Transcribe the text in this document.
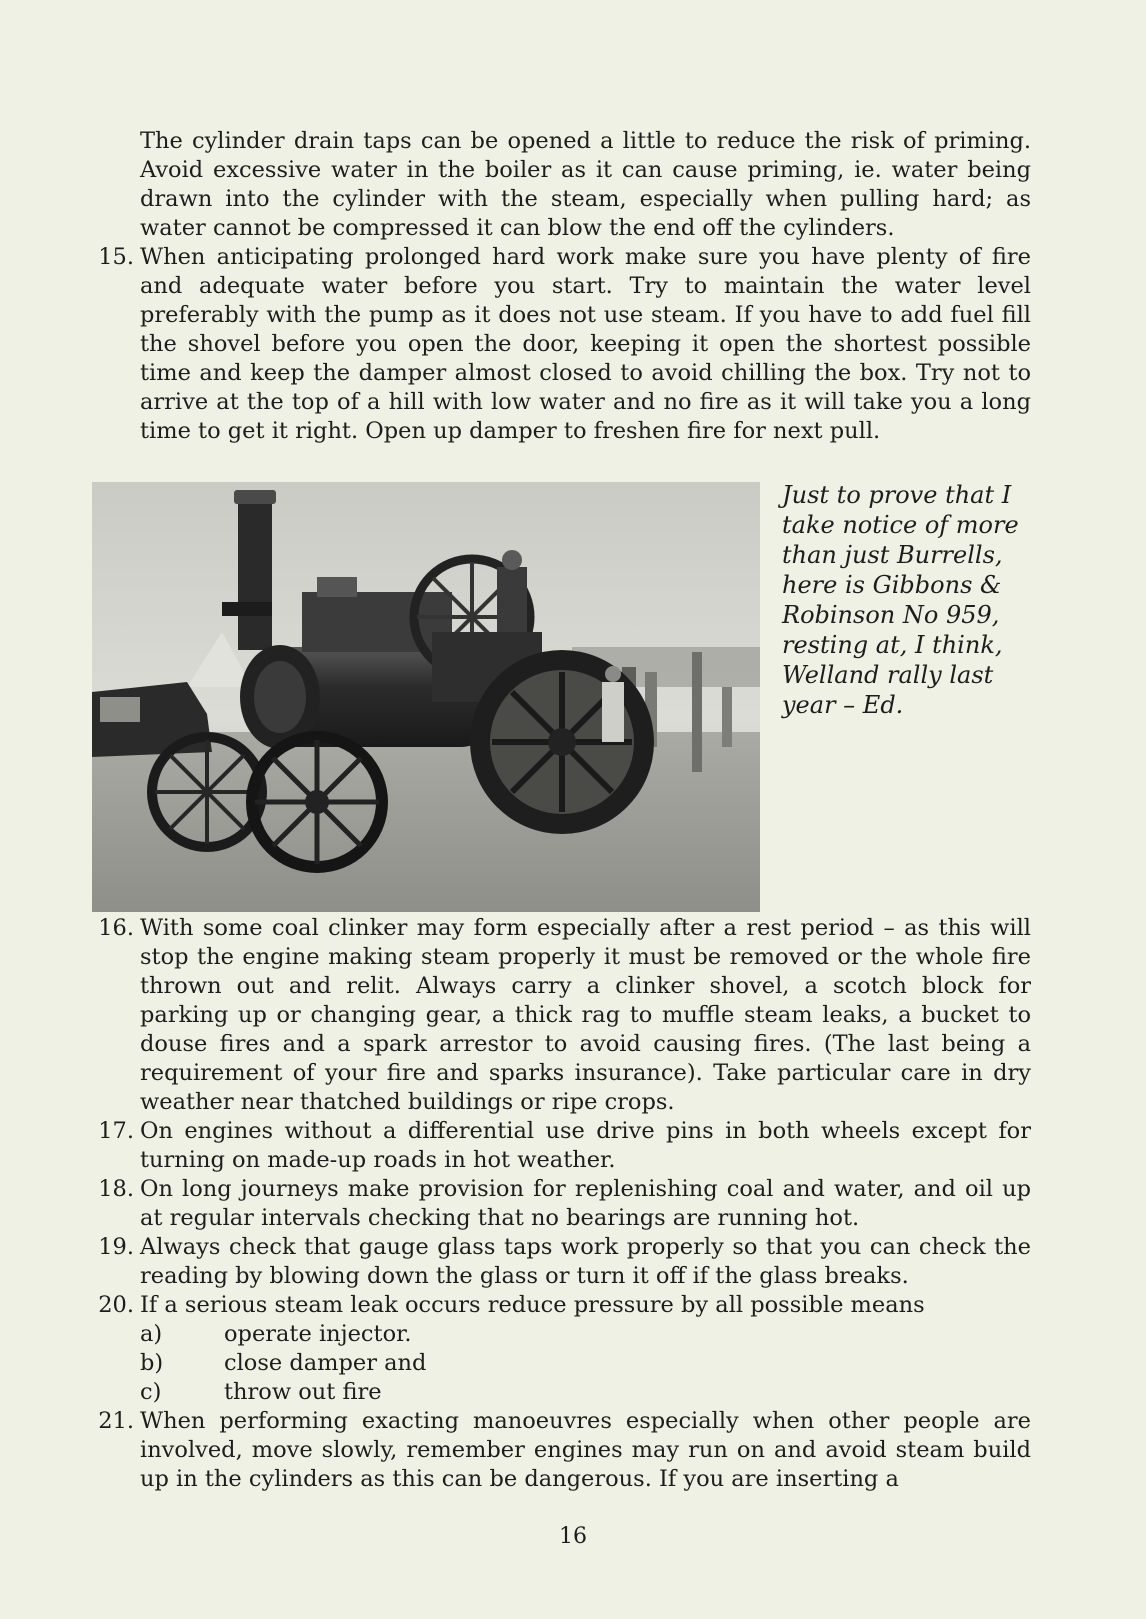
The cylinder drain taps can be opened a little to reduce the risk of priming. Avoid excessive water in the boiler as it can cause priming, ie. water being drawn into the cylinder with the steam, especially when pulling hard; as water cannot be compressed it can blow the end off the cylinders.

15. When anticipating prolonged hard work make sure you have plenty of fire and adequate water before you start. Try to maintain the water level preferably with the pump as it does not use steam. If you have to add fuel fill the shovel before you open the door, keeping it open the shortest possible time and keep the damper almost closed to avoid chilling the box. Try not to arrive at the top of a hill with low water and no fire as it will take you a long time to get it right. Open up damper to freshen fire for next pull.

Just to prove that I take notice of more than just Burrells, here is Gibbons & Robinson No 959, resting at, I think, Welland rally last year – Ed.

16. With some coal clinker may form especially after a rest period – as this will stop the engine making steam properly it must be removed or the whole fire thrown out and relit. Always carry a clinker shovel, a scotch block for parking up or changing gear, a thick rag to muffle steam leaks, a bucket to douse fires and a spark arrestor to avoid causing fires. (The last being a requirement of your fire and sparks insurance). Take particular care in dry weather near thatched buildings or ripe crops.

17. On engines without a differential use drive pins in both wheels except for turning on made-up roads in hot weather.

18. On long journeys make provision for replenishing coal and water, and oil up at regular intervals checking that no bearings are running hot.

19. Always check that gauge glass taps work properly so that you can check the reading by blowing down the glass or turn it off if the glass breaks.

20. If a serious steam leak occurs reduce pressure by all possible means

a)	operate injector.
b)	close damper and
c)	throw out fire

21. When performing exacting manoeuvres especially when other people are involved, move slowly, remember engines may run on and avoid steam build up in the cylinders as this can be dangerous. If you are inserting a

16
